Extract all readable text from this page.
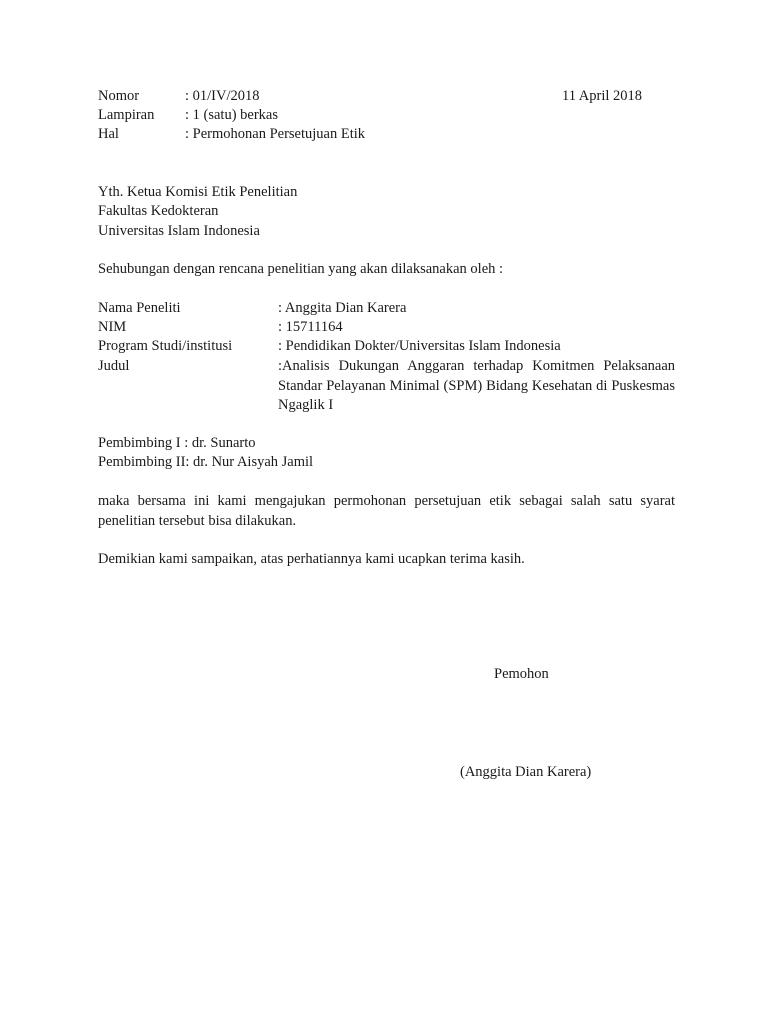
Nomor	: 01/IV/2018	11 April 2018
Lampiran : 1 (satu) berkas
Hal	: Permohonan Persetujuan Etik
Yth. Ketua Komisi Etik Penelitian
Fakultas Kedokteran
Universitas Islam Indonesia
Sehubungan dengan rencana penelitian yang akan dilaksanakan oleh :
Nama Peneliti	: Anggita Dian Karera
NIM	: 15711164
Program Studi/institusi	: Pendidikan Dokter/Universitas Islam Indonesia
Judul	:Analisis Dukungan Anggaran terhadap Komitmen Pelaksanaan Standar Pelayanan Minimal (SPM) Bidang Kesehatan di Puskesmas Ngaglik I
Pembimbing I : dr. Sunarto
Pembimbing II: dr. Nur Aisyah Jamil
maka bersama ini kami mengajukan permohonan persetujuan etik sebagai salah satu syarat penelitian tersebut bisa dilakukan.
Demikian kami sampaikan, atas perhatiannya kami ucapkan terima kasih.
Pemohon
(Anggita Dian Karera)
